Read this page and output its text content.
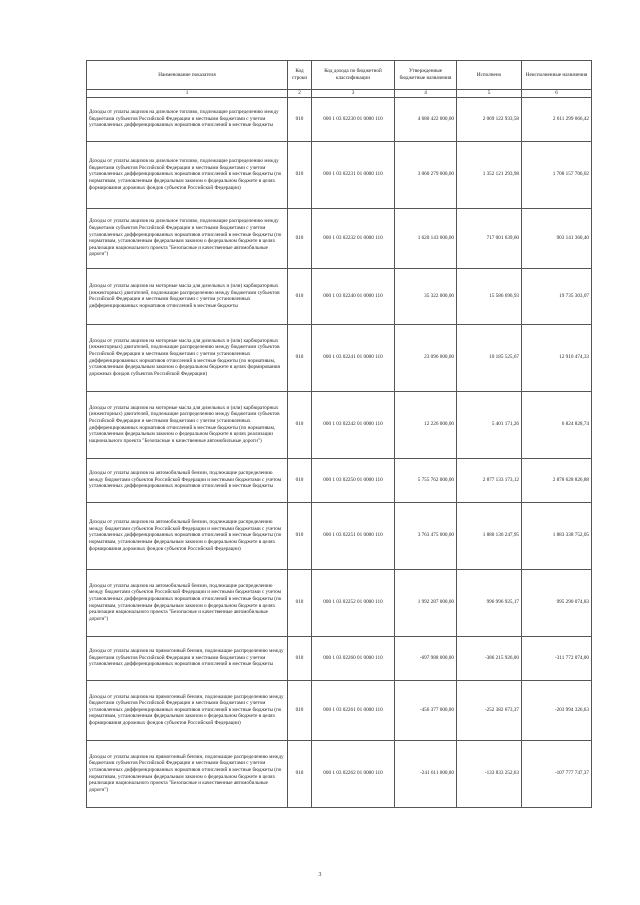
Наименование показателя	Код строки	Код дохода по бюджетной классификации	Утвержденные бюджетные назначения	Исполнено	Неисполненные назначения
1	2	3	4	5	6
Доходы от уплаты акцизов на дизельное топливо, подлежащие распределению между бюджетами субъектов Российской Федерации и местными бюджетами с учетом установленных дифференцированных нормативов отчислений в местные бюджеты	010	000 1 03 02230 01 0000 110	4 680 422 000,00	2 069 122 933,58	2 611 299 066,42
Доходы от уплаты акцизов на дизельное топливо, подлежащие распределению между бюджетами субъектов Российской Федерации и местными бюджетами с учетом установленных дифференцированных нормативов отчислений в местные бюджеты (по нормативам, установленным федеральным законом о федеральном бюджете в целях формирования дорожных фондов субъектов Российской Федерации)	010	000 1 03 02231 01 0000 110	3 060 279 000,00	1 352 121 293,98	1 708 157 706,02
Доходы от уплаты акцизов на дизельное топливо, подлежащие распределению между бюджетами субъектов Российской Федерации и местными бюджетами с учетом установленных дифференцированных нормативов отчислений в местные бюджеты (по нормативам, установленным федеральным законом о федеральном бюджете в целях реализации национального проекта "Безопасные и качественные автомобильные дороги")	010	000 1 03 02232 01 0000 110	1 620 143 000,00	717 001 639,60	903 141 360,40
Доходы от уплаты акцизов на моторные масла для дизельных и (или) карбюраторных (инжекторных) двигателей, подлежащие распределению между бюджетами субъектов Российской Федерации и местными бюджетами с учетом установленных дифференцированных нормативов отчислений в местные бюджеты	010	000 1 03 02240 01 0000 110	35 322 000,00	15 586 696,93	19 735 303,07
Доходы от уплаты акцизов на моторные масла для дизельных и (или) карбюраторных (инжекторных) двигателей, подлежащие распределению между бюджетами субъектов Российской Федерации и местными бюджетами с учетом установленных дифференцированных нормативов отчислений в местные бюджеты (по нормативам, установленным федеральным законом о федеральном бюджете в целях формирования дорожных фондов субъектов Российской Федерации)	010	000 1 03 02241 01 0000 110	23 096 000,00	10 185 525,67	12 910 474,33
Доходы от уплаты акцизов на моторные масла для дизельных и (или) карбюраторных (инжекторных) двигателей, подлежащие распределению между бюджетами субъектов Российской Федерации и местными бюджетами с учетом установленных дифференцированных нормативов отчислений в местные бюджеты (по нормативам, установленным федеральным законом о федеральном бюджете в целях реализации национального проекта "Безопасные и качественные автомобильные дороги")	010	000 1 03 02242 01 0000 110	12 226 000,00	5 401 171,26	6 824 828,74
Доходы от уплаты акцизов на автомобильный бензин, подлежащие распределению между бюджетами субъектов Российской Федерации и местными бюджетами с учетом установленных дифференцированных нормативов отчислений в местные бюджеты	010	000 1 03 02250 01 0000 110	5 755 762 000,00	2 877 133 173,12	2 878 628 826,88
Доходы от уплаты акцизов на автомобильный бензин, подлежащие распределению между бюджетами субъектов Российской Федерации и местными бюджетами с учетом установленных дифференцированных нормативов отчислений в местные бюджеты (по нормативам, установленным федеральным законом о федеральном бюджете в целях формирования дорожных фондов субъектов Российской Федерации)	010	000 1 03 02251 01 0000 110	3 763 475 000,00	1 880 136 247,95	1 883 338 752,05
Доходы от уплаты акцизов на автомобильный бензин, подлежащие распределению между бюджетами субъектов Российской Федерации и местными бюджетами с учетом установленных дифференцированных нормативов отчислений в местные бюджеты (по нормативам, установленным федеральным законом о федеральном бюджете в целях реализации национального проекта "Безопасные и качественные автомобильные дороги")	010	000 1 03 02252 01 0000 110	1 992 287 000,00	996 996 925,17	995 290 074,83
Доходы от уплаты акцизов на прямогонный бензин, подлежащие распределению между бюджетами субъектов Российской Федерации и местными бюджетами с учетом установленных дифференцированных нормативов отчислений в местные бюджеты	010	000 1 03 02260 01 0000 110	-697 988 000,00	-386 215 926,00	-311 772 074,00
Доходы от уплаты акцизов на прямогонный бензин, подлежащие распределению между бюджетами субъектов Российской Федерации и местными бюджетами с учетом установленных дифференцированных нормативов отчислений в местные бюджеты (по нормативам, установленным федеральным законом о федеральном бюджете в целях формирования дорожных фондов субъектов Российской Федерации)	010	000 1 03 02261 01 0000 110	-456 377 000,00	-252 382 673,37	-203 994 326,63
Доходы от уплаты акцизов на прямогонный бензин, подлежащие распределению между бюджетами субъектов Российской Федерации и местными бюджетами с учетом установленных дифференцированных нормативов отчислений в местные бюджеты (по нормативам, установленным федеральным законом о федеральном бюджете в целях реализации национального проекта "Безопасные и качественные автомобильные дороги")	010	000 1 03 02262 01 0000 110	-241 611 000,00	-133 833 252,63	-107 777 747,37
3
